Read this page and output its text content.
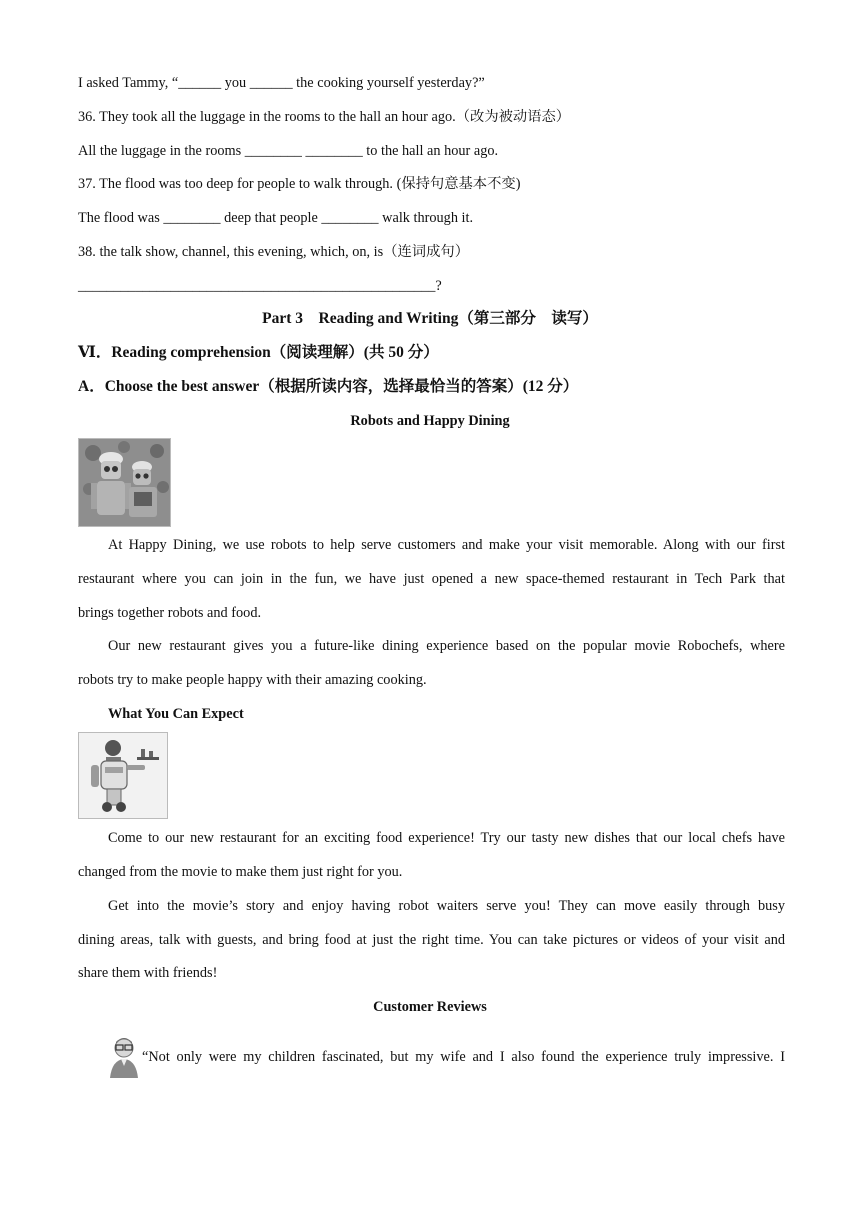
I asked Tammy, “______ you ______ the cooking yourself yesterday?”
36. They took all the luggage in the rooms to the hall an hour ago.（改为被动语态）
All the luggage in the rooms ________ ________ to the hall an hour ago.
37. The flood was too deep for people to walk through. (保持句意基本不变)
The flood was ________ deep that people ________ walk through it.
38. the talk show, channel, this evening, which, on, is（连词成句）
__________________________________________________?
Part 3　Reading and Writing（第三部分　读写）
Ⅵ．Reading comprehension（阅读理解）(共 50 分）
A．Choose the best answer（根据所读内容，选择最恰当的答案）(12 分）
Robots and Happy Dining
At Happy Dining, we use robots to help serve customers and make your visit memorable. Along with our first
restaurant where you can join in the fun, we have just opened a new space-themed restaurant in Tech Park that
brings together robots and food.
Our new restaurant gives you a future-like dining experience based on the popular movie Robochefs, where
robots try to make people happy with their amazing cooking.
What You Can Expect
Come to our new restaurant for an exciting food experience! Try our tasty new dishes that our local chefs have
changed from the movie to make them just right for you.
Get into the movie’s story and enjoy having robot waiters serve you! They can move easily through busy
dining areas, talk with guests, and bring food at just the right time. You can take pictures or videos of your visit and
share them with friends!
Customer Reviews
“Not only were my children fascinated, but my wife and I also found the experience truly impressive. I
